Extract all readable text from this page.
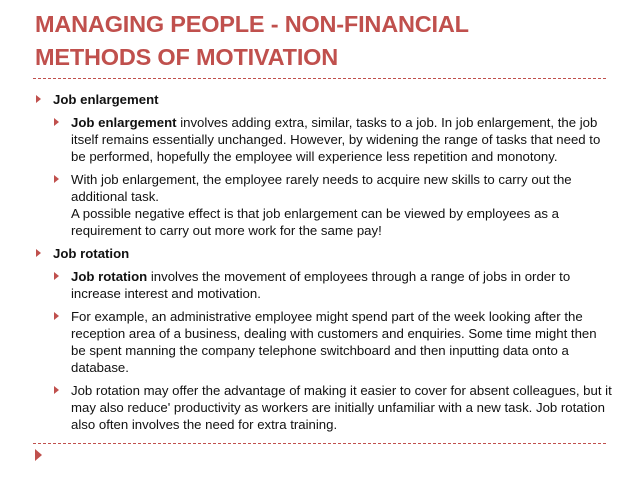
MANAGING PEOPLE - NON-FINANCIAL
METHODS OF MOTIVATION
Job enlargement
Job enlargement involves adding extra, similar, tasks to a job. In job enlargement, the job itself remains essentially unchanged. However, by widening the range of tasks that need to be performed, hopefully the employee will experience less repetition and monotony.
With job enlargement, the employee rarely needs to acquire new skills to carry out the additional task.
A possible negative effect is that job enlargement can be viewed by employees as a requirement to carry out more work for the same pay!
Job rotation
Job rotation involves the movement of employees through a range of jobs in order to increase interest and motivation.
For example, an administrative employee might spend part of the week looking after the reception area of a business, dealing with customers and enquiries. Some time might then be spent manning the company telephone switchboard and then inputting data onto a database.
Job rotation may offer the advantage of making it easier to cover for absent colleagues, but it may also reduce' productivity as workers are initially unfamiliar with a new task. Job rotation also often involves the need for extra training.
